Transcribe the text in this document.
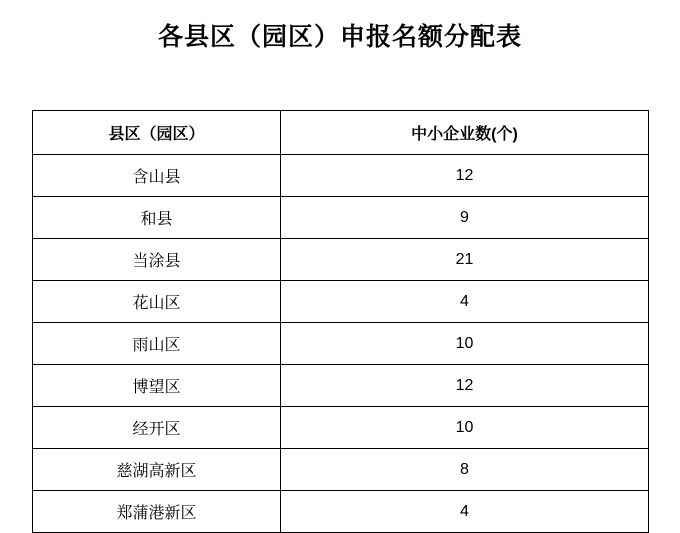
各县区（园区）申报名额分配表
县区（园区）	中小企业数(个)
含山县	12
和县	9
当涂县	21
花山区	4
雨山区	10
博望区	12
经开区	10
慈湖高新区	8
郑蒲港新区	4
